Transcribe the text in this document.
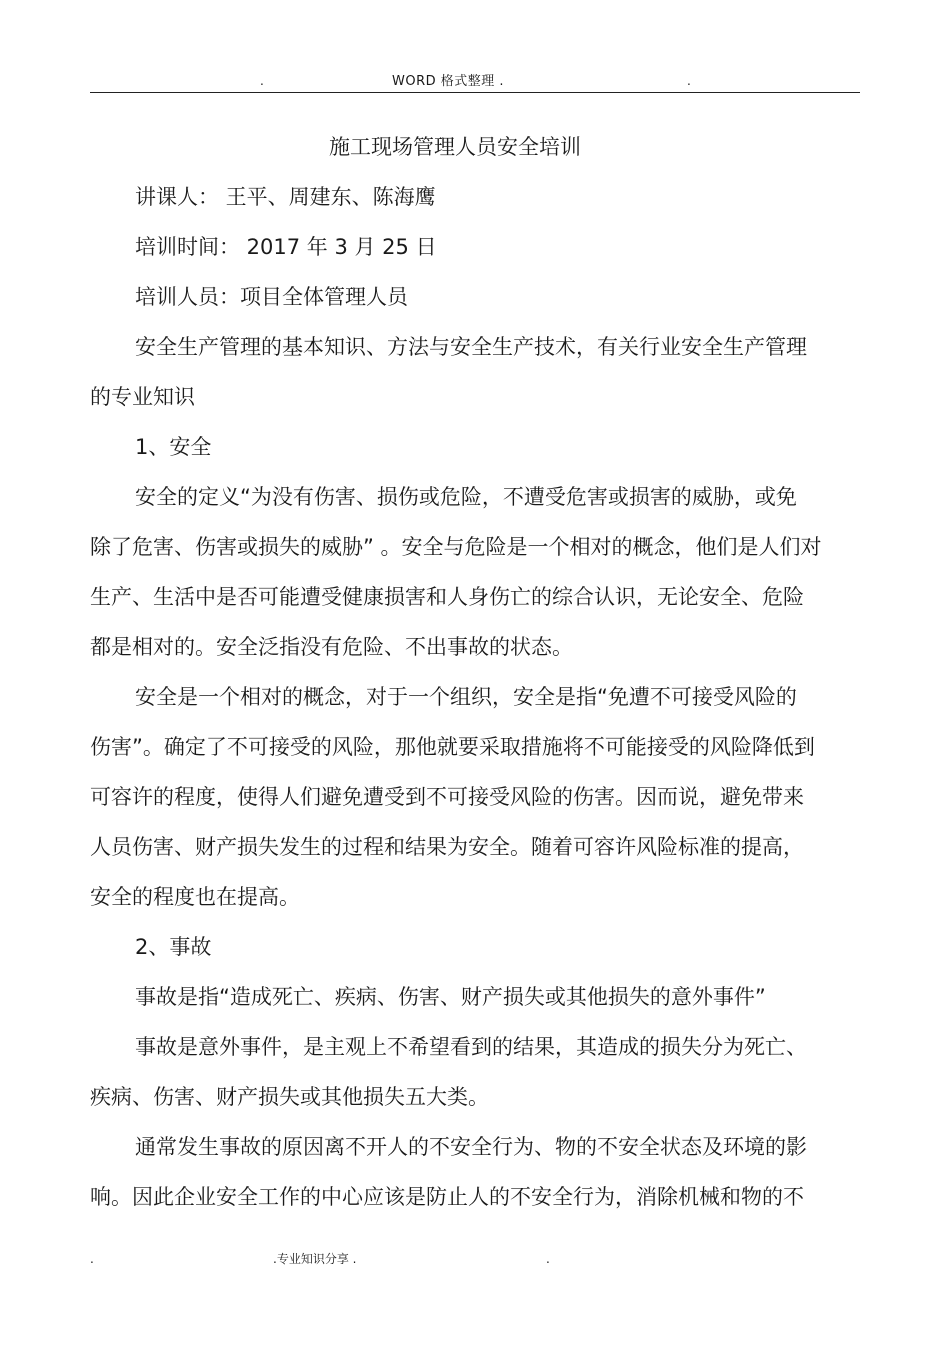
.	WORD 格式整理 .	.
施工现场管理人员安全培训
讲课人： 王平、周建东、陈海鹰
培训时间： 2017 年 3 月 25 日
培训人员：项目全体管理人员
安全生产管理的基本知识、方法与安全生产技术，有关行业安全生产管理
的专业知识
1、安全
安全的定义“为没有伤害、损伤或危险，不遭受危害或损害的威胁，或免
除了危害、伤害或损失的威胁” 。安全与危险是一个相对的概念，他们是人们对
生产、生活中是否可能遭受健康损害和人身伤亡的综合认识，无论安全、危险
都是相对的。安全泛指没有危险、不出事故的状态。
安全是一个相对的概念，对于一个组织，安全是指“免遭不可接受风险的
伤害”。确定了不可接受的风险，那他就要采取措施将不可能接受的风险降低到
可容许的程度，使得人们避免遭受到不可接受风险的伤害。因而说，避免带来
人员伤害、财产损失发生的过程和结果为安全。随着可容许风险标准的提高，
安全的程度也在提高。
2、事故
事故是指“造成死亡、疾病、伤害、财产损失或其他损失的意外事件”
事故是意外事件，是主观上不希望看到的结果，其造成的损失分为死亡、
疾病、伤害、财产损失或其他损失五大类。
通常发生事故的原因离不开人的不安全行为、物的不安全状态及环境的影
响。因此企业安全工作的中心应该是防止人的不安全行为，消除机械和物的不
.	.专业知识分享 .	.
